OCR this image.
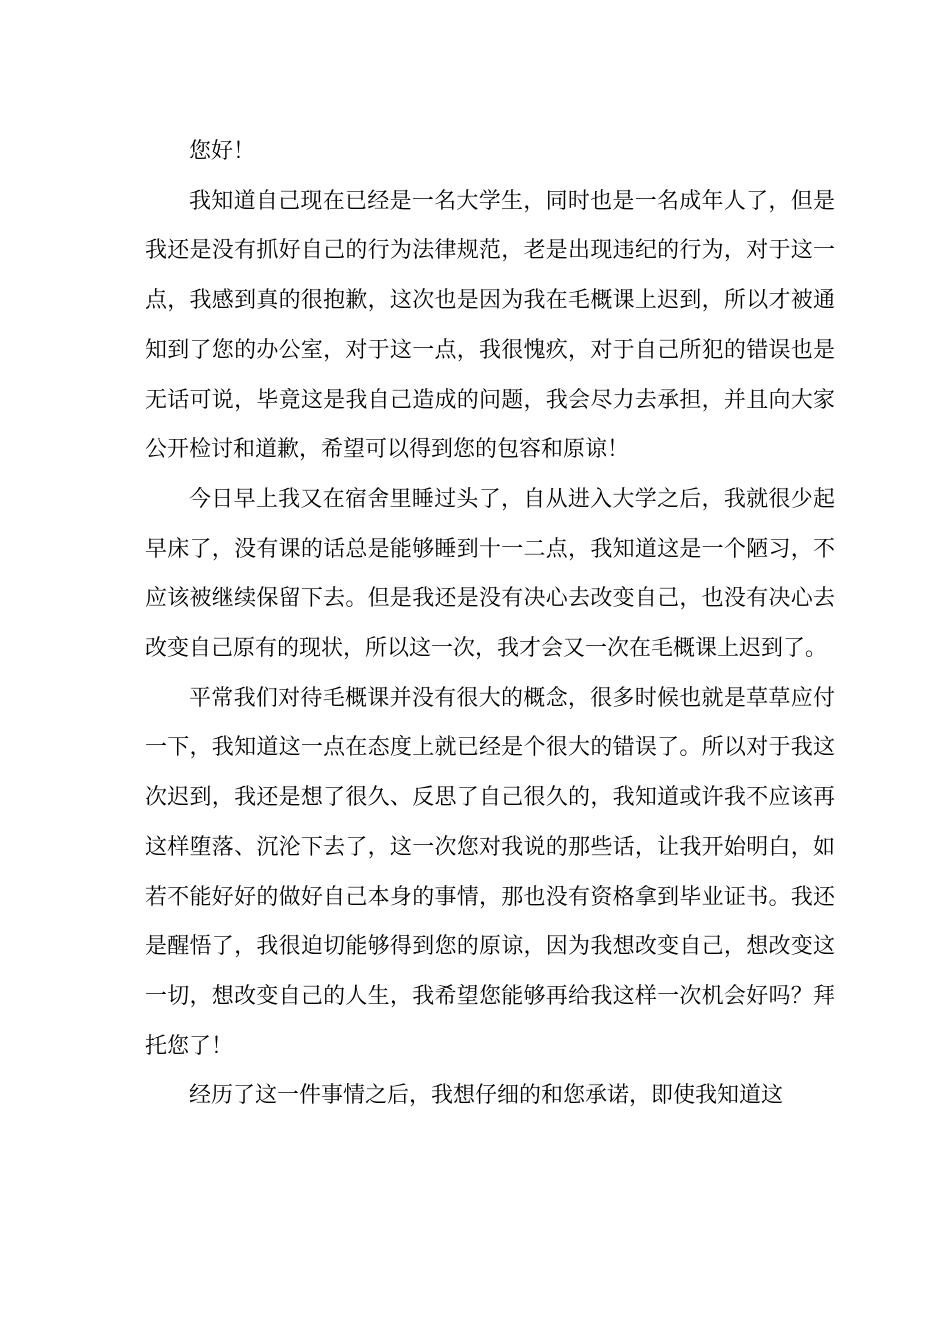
您好！

我知道自己现在已经是一名大学生，同时也是一名成年人了，但是我还是没有抓好自己的行为法律规范，老是出现违纪的行为，对于这一点，我感到真的很抱歉，这次也是因为我在毛概课上迟到，所以才被通知到了您的办公室，对于这一点，我很愧疚，对于自己所犯的错误也是无话可说，毕竟这是我自己造成的问题，我会尽力去承担，并且向大家公开检讨和道歉，希望可以得到您的包容和原谅！

今日早上我又在宿舍里睡过头了，自从进入大学之后，我就很少起早床了，没有课的话总是能够睡到十一二点，我知道这是一个陋习，不应该被继续保留下去。但是我还是没有决心去改变自己，也没有决心去改变自己原有的现状，所以这一次，我才会又一次在毛概课上迟到了。

平常我们对待毛概课并没有很大的概念，很多时候也就是草草应付一下，我知道这一点在态度上就已经是个很大的错误了。所以对于我这次迟到，我还是想了很久、反思了自己很久的，我知道或许我不应该再这样堕落、沉沦下去了，这一次您对我说的那些话，让我开始明白，如若不能好好的做好自己本身的事情，那也没有资格拿到毕业证书。我还是醒悟了，我很迫切能够得到您的原谅，因为我想改变自己，想改变这一切，想改变自己的人生，我希望您能够再给我这样一次机会好吗？拜托您了！

经历了这一件事情之后，我想仔细的和您承诺，即使我知道这
